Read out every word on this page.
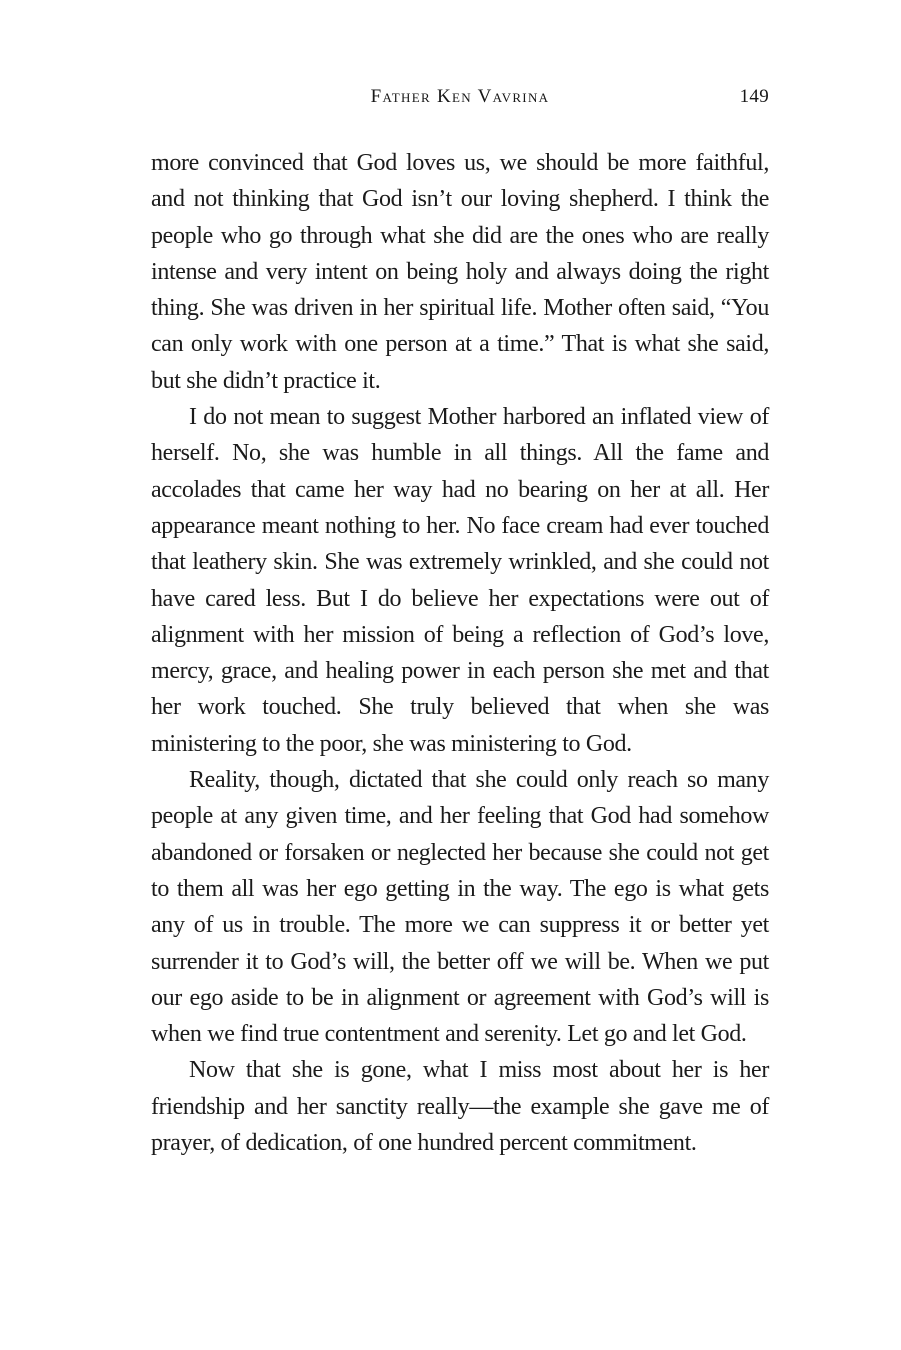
Father Ken Vavrina	149

more convinced that God loves us, we should be more faithful, and not thinking that God isn’t our loving shepherd. I think the people who go through what she did are the ones who are really intense and very intent on being holy and always doing the right thing. She was driven in her spiritual life. Mother often said, “You can only work with one person at a time.” That is what she said, but she didn’t practice it.

I do not mean to suggest Mother harbored an inflated view of herself. No, she was humble in all things. All the fame and accolades that came her way had no bearing on her at all. Her appearance meant nothing to her. No face cream had ever touched that leathery skin. She was extremely wrinkled, and she could not have cared less. But I do believe her expectations were out of alignment with her mission of being a reflection of God’s love, mercy, grace, and healing power in each person she met and that her work touched. She truly believed that when she was ministering to the poor, she was ministering to God.

Reality, though, dictated that she could only reach so many people at any given time, and her feeling that God had somehow abandoned or forsaken or neglected her because she could not get to them all was her ego getting in the way. The ego is what gets any of us in trouble. The more we can suppress it or better yet surrender it to God’s will, the better off we will be. When we put our ego aside to be in alignment or agreement with God’s will is when we find true contentment and serenity. Let go and let God.

Now that she is gone, what I miss most about her is her friendship and her sanctity really—the example she gave me of prayer, of dedication, of one hundred percent commitment.
